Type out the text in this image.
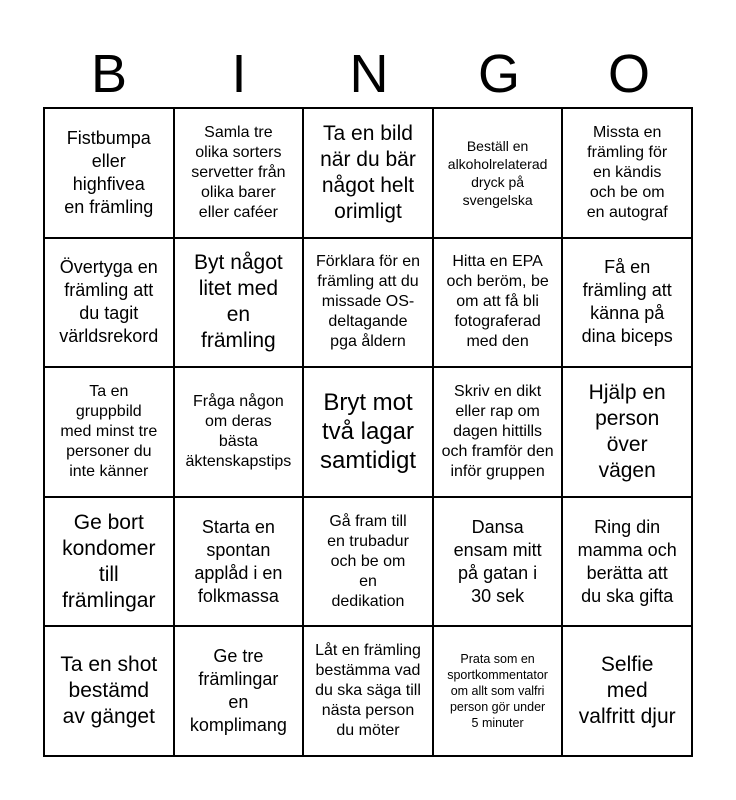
B	I	N	G	O
Fistbumpa
eller
highfivea
en främling
Samla tre
olika sorters
servetter från
olika barer
eller caféer
Ta en bild
när du bär
något helt
orimligt
Beställ en
alkoholrelaterad
dryck på
svengelska
Missta en
främling för
en kändis
och be om
en autograf
Övertyga en
främling att
du tagit
världsrekord
Byt något
litet med
en
främling
Förklara för en
främling att du
missade OS-
deltagande
pga åldern
Hitta en EPA
och beröm, be
om att få bli
fotograferad
med den
Få en
främling att
känna på
dina biceps
Ta en
gruppbild
med minst tre
personer du
inte känner
Fråga någon
om deras
bästa
äktenskapstips
Bryt mot
två lagar
samtidigt
Skriv en dikt
eller rap om
dagen hittills
och framför den
inför gruppen
Hjälp en
person
över
vägen
Ge bort
kondomer
till
främlingar
Starta en
spontan
applåd i en
folkmassa
Gå fram till
en trubadur
och be om
en
dedikation
Dansa
ensam mitt
på gatan i
30 sek
Ring din
mamma och
berätta att
du ska gifta
Ta en shot
bestämd
av gänget
Ge tre
främlingar
en
komplimang
Låt en främling
bestämma vad
du ska säga till
nästa person
du möter
Prata som en
sportkommentator
om allt som valfri
person gör under
5 minuter
Selfie
med
valfritt djur
